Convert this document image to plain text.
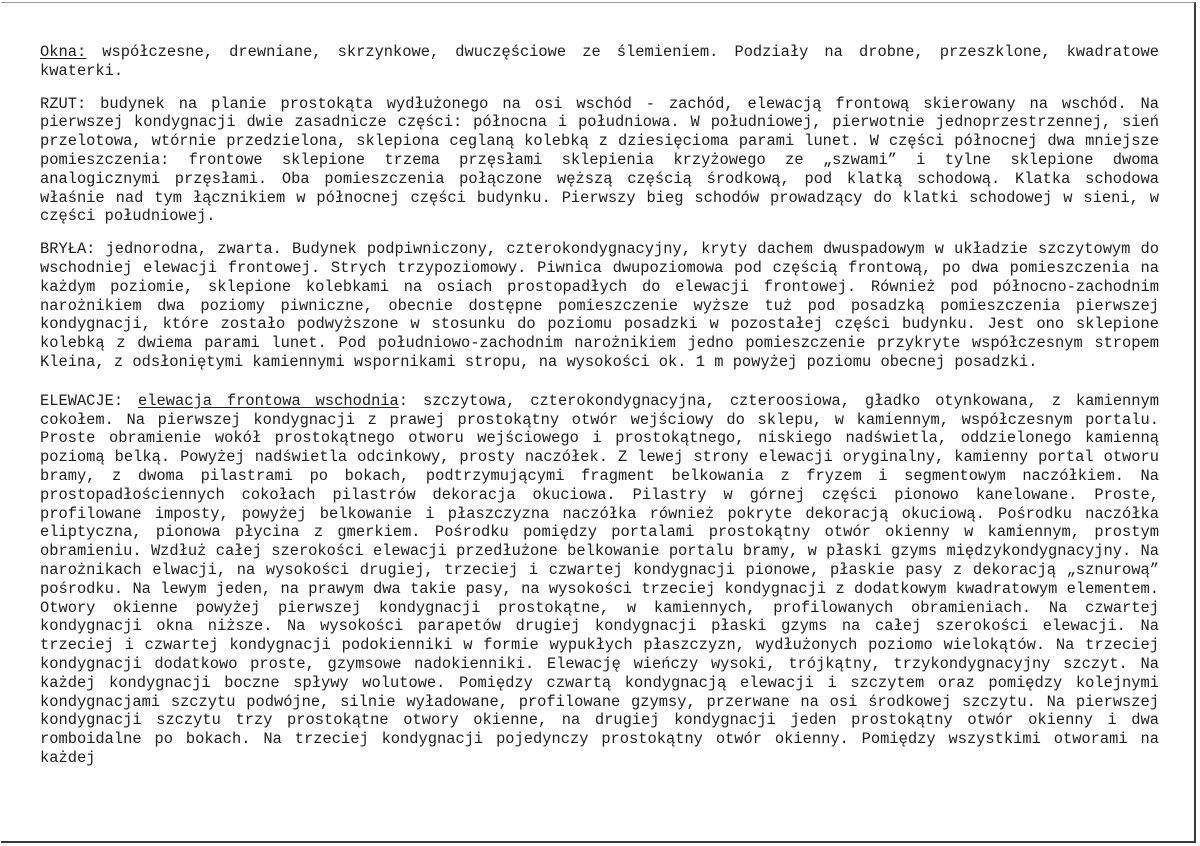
Okna: współczesne, drewniane, skrzynkowe, dwuczęściowe ze ślemieniem. Podziały na drobne, przeszklone, kwadratowe kwaterki.

RZUT: budynek na planie prostokąta wydłużonego na osi wschód - zachód, elewacją frontową skierowany na wschód. Na pierwszej kondygnacji dwie zasadnicze części: północna i południowa. W południowej, pierwotnie jednoprzestrzennej, sień przelotowa, wtórnie przedzielona, sklepiona ceglaną kolebką z dziesięcioma parami lunet. W części północnej dwa mniejsze pomieszczenia: frontowe sklepione trzema przęsłami sklepienia krzyżowego ze „szwami” i tylne sklepione dwoma analogicznymi przęsłami. Oba pomieszczenia połączone węższą częścią środkową, pod klatką schodową. Klatka schodowa właśnie nad tym łącznikiem w północnej części budynku. Pierwszy bieg schodów prowadzący do klatki schodowej w sieni, w części południowej.

BRYŁA: jednorodna, zwarta. Budynek podpiwniczony, czterokondygnacyjny, kryty dachem dwuspadowym w układzie szczytowym do wschodniej elewacji frontowej. Strych trzypoziomowy. Piwnica dwupoziomowa pod częścią frontową, po dwa pomieszczenia na każdym poziomie, sklepione kolebkami na osiach prostopadłych do elewacji frontowej. Również pod północno-zachodnim narożnikiem dwa poziomy piwniczne, obecnie dostępne pomieszczenie wyższe tuż pod posadzką pomieszczenia pierwszej kondygnacji, które zostało podwyższone w stosunku do poziomu posadzki w pozostałej części budynku. Jest ono sklepione kolebką z dwiema parami lunet. Pod południowo-zachodnim narożnikiem jedno pomieszczenie przykryte współczesnym stropem Kleina, z odsłoniętymi kamiennymi wspornikami stropu, na wysokości ok. 1 m powyżej poziomu obecnej posadzki.

ELEWACJE: elewacja frontowa wschodnia: szczytowa, czterokondygnacyjna, czteroosiowa, gładko otynkowana, z kamiennym cokołem. Na pierwszej kondygnacji z prawej prostokątny otwór wejściowy do sklepu, w kamiennym, współczesnym portalu. Proste obramienie wokół prostokątnego otworu wejściowego i prostokątnego, niskiego nadświetla, oddzielonego kamienną poziomą belką. Powyżej nadświetla odcinkowy, prosty naczółek. Z lewej strony elewacji oryginalny, kamienny portal otworu bramy, z dwoma pilastrami po bokach, podtrzymującymi fragment belkowania z fryzem i segmentowym naczółkiem. Na prostopadłościennych cokołach pilastrów dekoracja okuciowa. Pilastry w górnej części pionowo kanelowane. Proste, profilowane imposty, powyżej belkowanie i płaszczyzna naczółka również pokryte dekoracją okuciową. Pośrodku naczółka eliptyczna, pionowa płycina z gmerkiem. Pośrodku pomiędzy portalami prostokątny otwór okienny w kamiennym, prostym obramieniu. Wzdłuż całej szerokości elewacji przedłużone belkowanie portalu bramy, w płaski gzyms międzykondygnacyjny. Na narożnikach elwacji, na wysokości drugiej, trzeciej i czwartej kondygnacji pionowe, płaskie pasy z dekoracją „sznurową” pośrodku. Na lewym jeden, na prawym dwa takie pasy, na wysokości trzeciej kondygnacji z dodatkowym kwadratowym elementem. Otwory okienne powyżej pierwszej kondygnacji prostokątne, w kamiennych, profilowanych obramieniach. Na czwartej kondygnacji okna niższe. Na wysokości parapetów drugiej kondygnacji płaski gzyms na całej szerokości elewacji. Na trzeciej i czwartej kondygnacji podokienniki w formie wypukłych płaszczyzn, wydłużonych poziomo wielokątów. Na trzeciej kondygnacji dodatkowo proste, gzymsowe nadokienniki. Elewację wieńczy wysoki, trójkątny, trzykondygnacyjny szczyt. Na każdej kondygnacji boczne spływy wolutowe. Pomiędzy czwartą kondygnacją elewacji i szczytem oraz pomiędzy kolejnymi kondygnacjami szczytu podwójne, silnie wyładowane, profilowane gzymsy, przerwane na osi środkowej szczytu. Na pierwszej kondygnacji szczytu trzy prostokątne otwory okienne, na drugiej kondygnacji jeden prostokątny otwór okienny i dwa romboidalne po bokach. Na trzeciej kondygnacji pojedynczy prostokątny otwór okienny. Pomiędzy wszystkimi otworami na każdej
